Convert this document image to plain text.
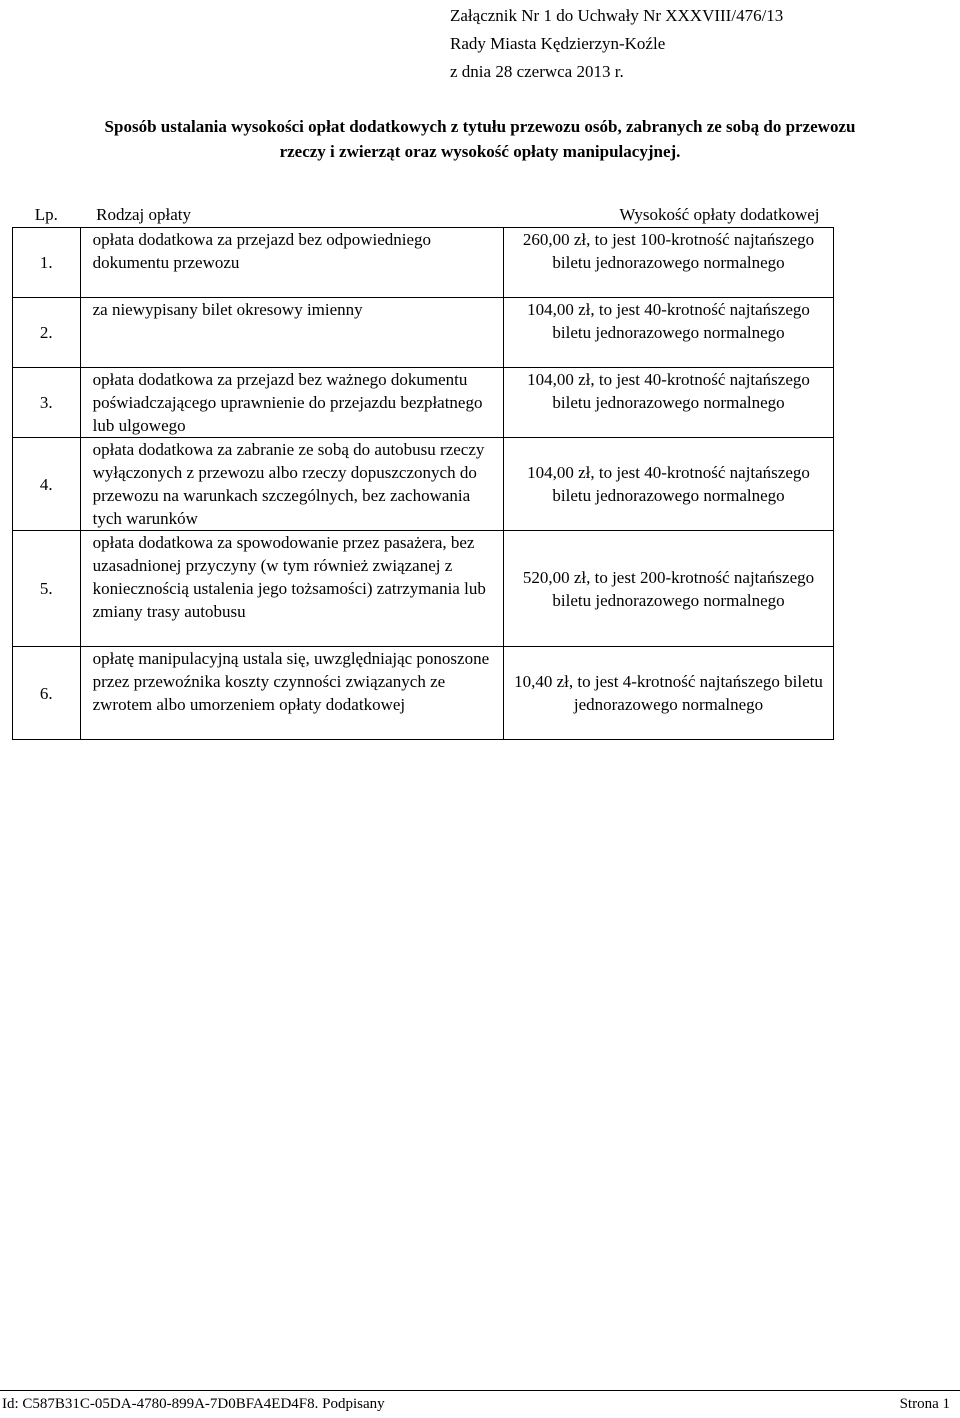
Załącznik Nr 1 do Uchwały Nr XXXVIII/476/13
Rady Miasta Kędzierzyn-Koźle
z dnia 28 czerwca 2013 r.
Sposób ustalania wysokości opłat dodatkowych z tytułu przewozu osób, zabranych ze sobą do przewozu
rzeczy i zwierząt oraz wysokość opłaty manipulacyjnej.
Lp.	Rodzaj opłaty	Wysokość opłaty dodatkowej
1.	opłata dodatkowa za przejazd bez odpowiedniego dokumentu przewozu	260,00 zł, to jest 100-krotność najtańszego biletu jednorazowego normalnego
2.	za niewypisany bilet okresowy imienny	104,00 zł, to jest 40-krotność najtańszego biletu jednorazowego normalnego
3.	opłata dodatkowa za przejazd bez ważnego dokumentu poświadczającego uprawnienie do przejazdu bezpłatnego lub ulgowego	104,00 zł, to jest 40-krotność najtańszego biletu jednorazowego normalnego
4.	opłata dodatkowa za zabranie ze sobą do autobusu rzeczy wyłączonych z przewozu albo rzeczy dopuszczonych do przewozu na warunkach szczególnych, bez zachowania tych warunków	104,00 zł, to jest 40-krotność najtańszego biletu jednorazowego normalnego
5.	opłata dodatkowa za spowodowanie przez pasażera, bez uzasadnionej przyczyny (w tym również związanej z koniecznością ustalenia jego tożsamości) zatrzymania lub zmiany trasy autobusu	520,00 zł, to jest 200-krotność najtańszego biletu jednorazowego normalnego
6.	opłatę manipulacyjną ustala się, uwzględniając ponoszone przez przewoźnika koszty czynności związanych ze zwrotem albo umorzeniem opłaty dodatkowej	10,40 zł, to jest 4-krotność najtańszego biletu jednorazowego normalnego
Id: C587B31C-05DA-4780-899A-7D0BFA4ED4F8. Podpisany	Strona 1
